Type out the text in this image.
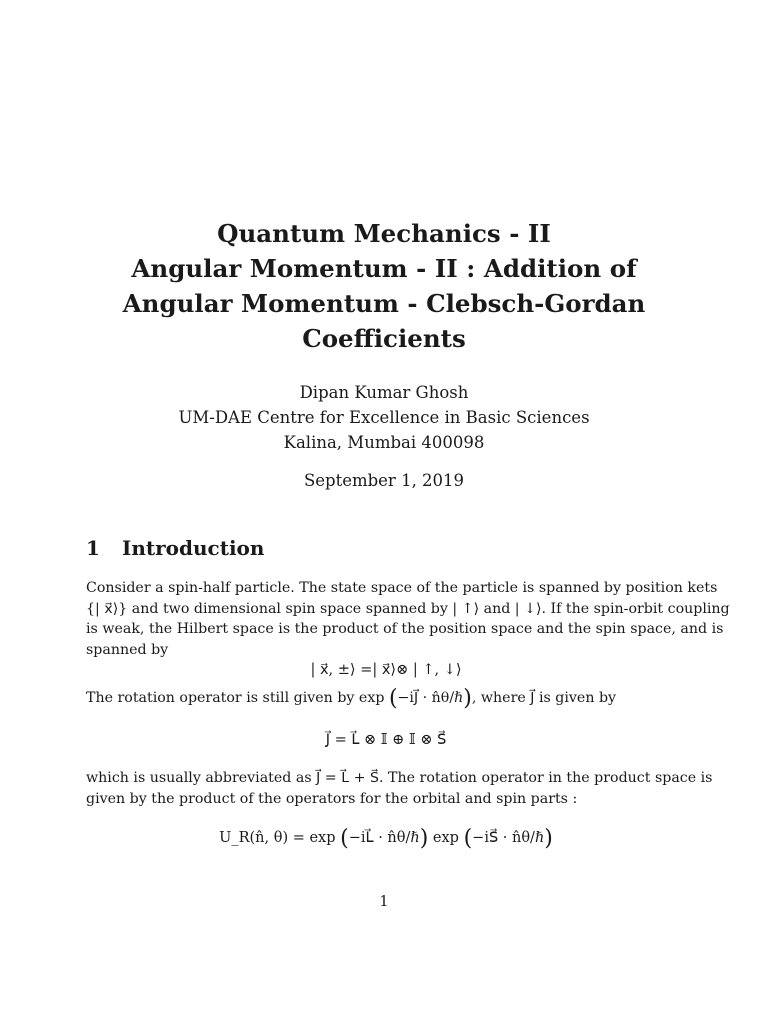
Quantum Mechanics - II
Angular Momentum - II : Addition of
Angular Momentum - Clebsch-Gordan
Coefficients
Dipan Kumar Ghosh
UM-DAE Centre for Excellence in Basic Sciences
Kalina, Mumbai 400098
September 1, 2019
1 Introduction
Consider a spin-half particle. The state space of the particle is spanned by position kets
{| x⃗⟩} and two dimensional spin space spanned by | ↑⟩ and | ↓⟩. If the spin-orbit coupling
is weak, the Hilbert space is the product of the position space and the spin space, and is
spanned by
| x⃗, ±⟩ =| x⃗⟩⊗ | ↑, ↓⟩
The rotation operator is still given by exp (−iJ⃗ · n̂θ/ℏ), where J⃗ is given by
J⃗ = L⃗ ⊗ 𝕀 ⊕ 𝕀 ⊗ S⃗
which is usually abbreviated as J⃗ = L⃗ + S⃗. The rotation operator in the product space is
given by the product of the operators for the orbital and spin parts :
U_R(n̂, θ) = exp (−iL⃗ · n̂θ/ℏ) exp (−iS⃗ · n̂θ/ℏ)
1
